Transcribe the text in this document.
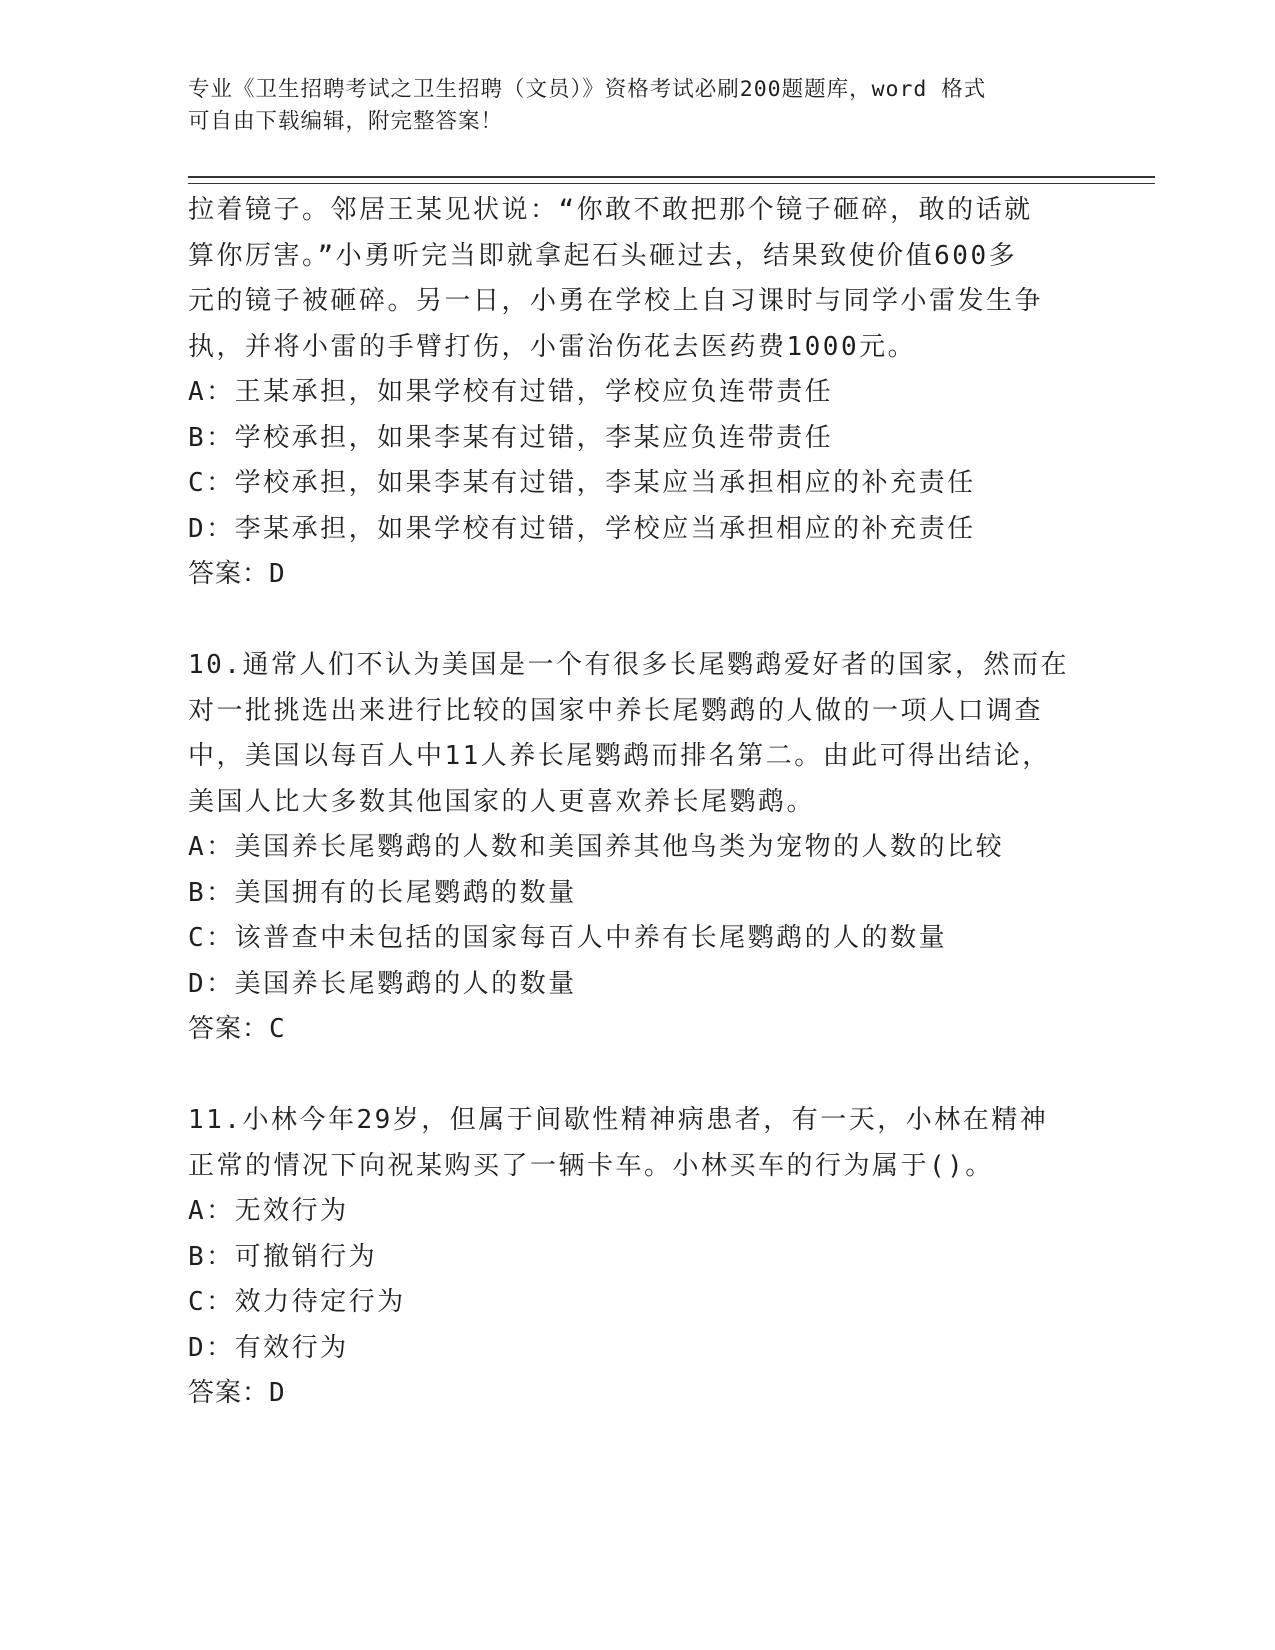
专业《卫生招聘考试之卫生招聘（文员）》资格考试必刷200题题库，word 格式
可自由下载编辑，附完整答案！
拉着镜子。邻居王某见状说：“你敢不敢把那个镜子砸碎，敢的话就
算你厉害。”小勇听完当即就拿起石头砸过去，结果致使价值600多
元的镜子被砸碎。另一日，小勇在学校上自习课时与同学小雷发生争
执，并将小雷的手臂打伤，小雷治伤花去医药费1000元。
A：王某承担，如果学校有过错，学校应负连带责任
B：学校承担，如果李某有过错，李某应负连带责任
C：学校承担，如果李某有过错，李某应当承担相应的补充责任
D：李某承担，如果学校有过错，学校应当承担相应的补充责任
答案：D
10.通常人们不认为美国是一个有很多长尾鹦鹉爱好者的国家，然而在
对一批挑选出来进行比较的国家中养长尾鹦鹉的人做的一项人口调查
中，美国以每百人中11人养长尾鹦鹉而排名第二。由此可得出结论，
美国人比大多数其他国家的人更喜欢养长尾鹦鹉。
A：美国养长尾鹦鹉的人数和美国养其他鸟类为宠物的人数的比较
B：美国拥有的长尾鹦鹉的数量
C：该普查中未包括的国家每百人中养有长尾鹦鹉的人的数量
D：美国养长尾鹦鹉的人的数量
答案：C
11.小林今年29岁，但属于间歇性精神病患者，有一天，小林在精神
正常的情况下向祝某购买了一辆卡车。小林买车的行为属于()。
A：无效行为
B：可撤销行为
C：效力待定行为
D：有效行为
答案：D
